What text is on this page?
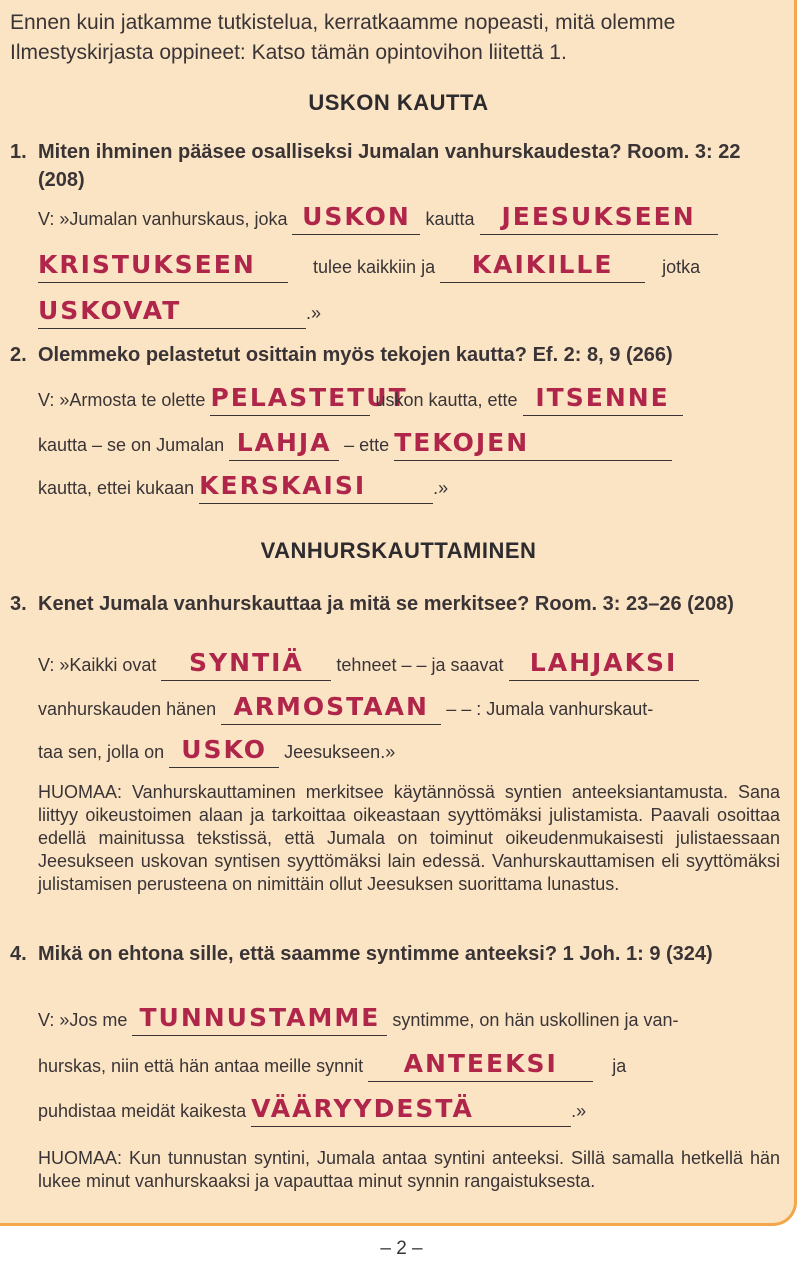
Ennen kuin jatkamme tutkistelua, kerratkaamme nopeasti, mitä olemme Ilmestyskirjasta oppineet: Katso tämän opintovihon liitettä 1.
USKON KAUTTA
1. Miten ihminen pääsee osalliseksi Jumalan vanhurskaudesta? Room. 3: 22 (208)
V: »Jumalan vanhurskaus, joka USKON kautta JEESUKSEEN
KRISTUKSEEN	tulee kaikkiin ja KAIKILLE	jotka
USKOVAT	.»
2. Olemmeko pelastetut osittain myös tekojen kautta? Ef. 2: 8, 9 (266)
V: »Armosta te olette PELASTETUT uskon kautta, ette ITSENNE
kautta – se on Jumalan LAHJA – ette TEKOJEN
kautta, ettei kukaan KERSKAISI	.»
VANHURSKAUTTAMINEN
3. Kenet Jumala vanhurskauttaa ja mitä se merkitsee? Room. 3: 23–26 (208)
V: »Kaikki ovat SYNTIÄ tehneet – – ja saavat LAHJAKSI
vanhurskauden hänen ARMOSTAAN – – : Jumala vanhurskaut-
taa sen, jolla on USKO Jeesukseen.»
HUOMAA: Vanhurskauttaminen merkitsee käytännössä syntien anteeksiantamusta. Sana liittyy oikeustoimen alaan ja tarkoittaa oikeastaan syyttömäksi julistamista. Paavali osoittaa edellä mainitussa tekstissä, että Jumala on toiminut oikeudenmukaisesti julistaessaan Jeesukseen uskovan syntisen syyttömäksi lain edessä. Vanhurskauttamisen eli syyttömäksi julistamisen perusteena on nimittäin ollut Jeesuksen suorittama lunastus.
4. Mikä on ehtona sille, että saamme syntimme anteeksi? 1 Joh. 1: 9 (324)
V: »Jos me TUNNUSTAMME syntimme, on hän uskollinen ja van-
hurskas, niin että hän antaa meille synnit ANTEEKSI	ja
puhdistaa meidät kaikesta VÄÄRYYDESTÄ	.»
HUOMAA: Kun tunnustan syntini, Jumala antaa syntini anteeksi. Sillä samalla hetkellä hän lukee minut vanhurskaaksi ja vapauttaa minut synnin rangaistuksesta.
– 2 –
